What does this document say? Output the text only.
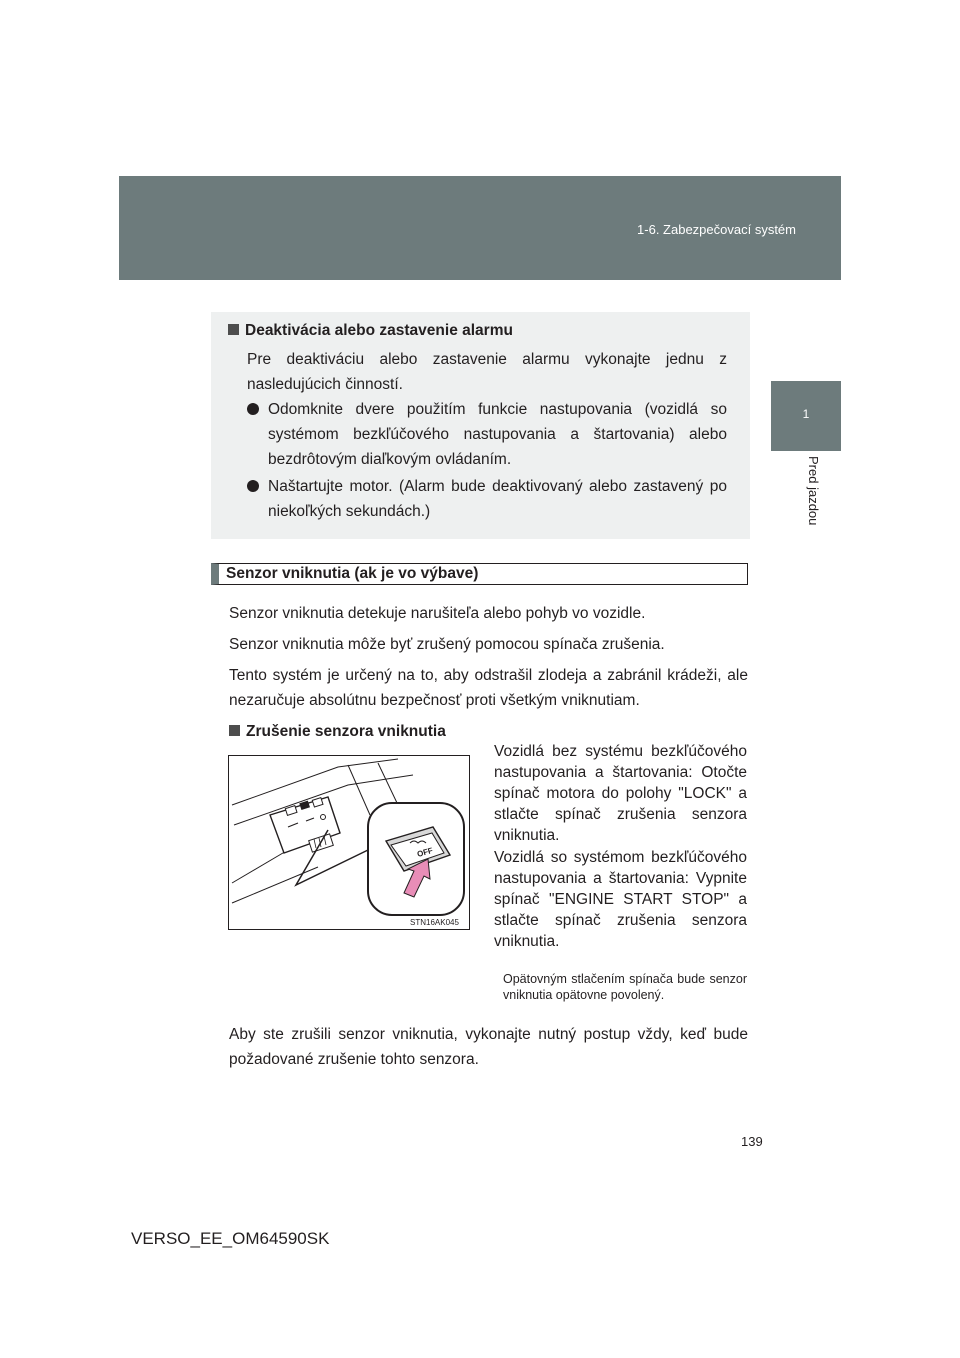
1-6. Zabezpečovací systém
1
Pred jazdou
Deaktivácia alebo zastavenie alarmu
Pre deaktiváciu alebo zastavenie alarmu vykonajte jednu z nasledujúcich činností.
Odomknite dvere použitím funkcie nastupovania (vozidlá so systémom bezkľúčového nastupovania a štartovania) alebo bezdrôtovým diaľkovým ovládaním.
Naštartujte motor. (Alarm bude deaktivovaný alebo zastavený po niekoľkých sekundách.)
Senzor vniknutia (ak je vo výbave)
Senzor vniknutia detekuje narušiteľa alebo pohyb vo vozidle.
Senzor vniknutia môže byť zrušený pomocou spínača zrušenia.
Tento systém je určený na to, aby odstrašil zlodeja a zabránil krádeži, ale nezaručuje absolútnu bezpečnosť proti všetkým vniknutiam.
Zrušenie senzora vniknutia
OFF
STN16AK045
Vozidlá bez systému bezkľúčového nastupovania a štartovania: Otočte spínač motora do polohy "LOCK" a stlačte spínač zrušenia senzora vniknutia.
Vozidlá so systémom bezkľúčového nastupovania a štartovania: Vypnite spínač "ENGINE START STOP" a stlačte spínač zrušenia senzora vniknutia.
Opätovným stlačením spínača bude senzor vniknutia opätovne povolený.
Aby ste zrušili senzor vniknutia, vykonajte nutný postup vždy, keď bude požadované zrušenie tohto senzora.
139
VERSO_EE_OM64590SK
